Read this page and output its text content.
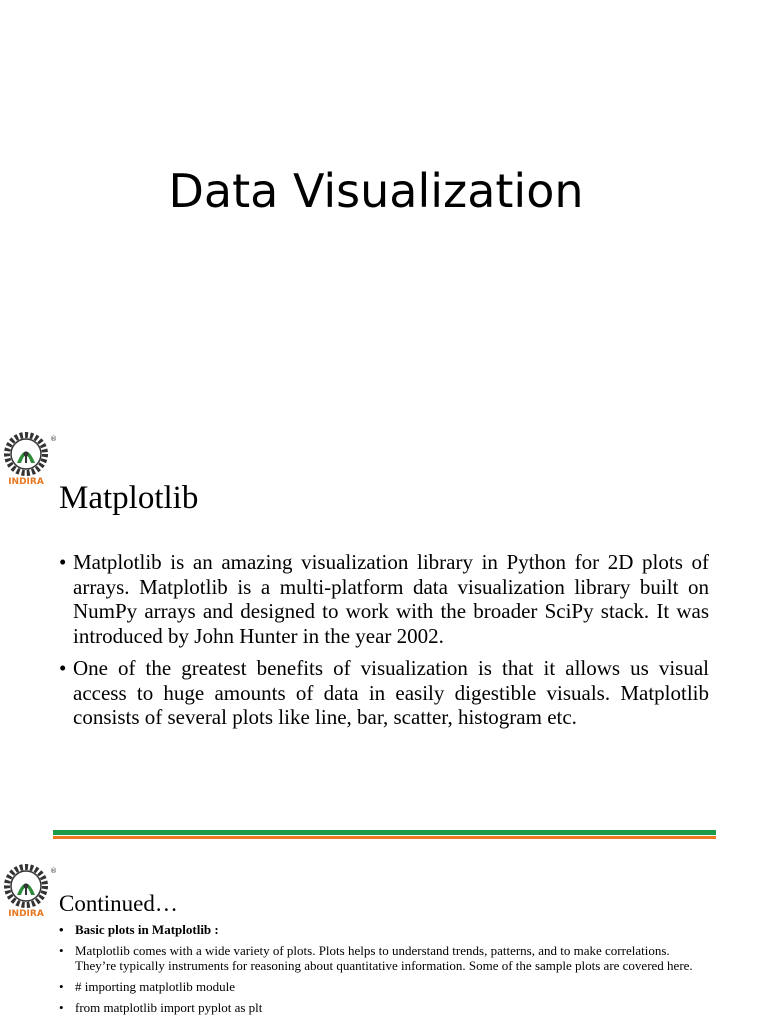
Data Visualization
®
INDIRA Matplotlib
• Matplotlib is an amazing visualization library in Python for 2D plots of arrays. Matplotlib is a multi-platform data visualization library built on NumPy arrays and designed to work with the broader SciPy stack. It was introduced by John Hunter in the year 2002.
• One of the greatest benefits of visualization is that it allows us visual access to huge amounts of data in easily digestible visuals. Matplotlib consists of several plots like line, bar, scatter, histogram etc.
®
INDIRA Continued…
• Basic plots in Matplotlib :
• Matplotlib comes with a wide variety of plots. Plots helps to understand trends, patterns, and to make correlations. They’re typically instruments for reasoning about quantitative information. Some of the sample plots are covered here.
• # importing matplotlib module
• from matplotlib import pyplot as plt
